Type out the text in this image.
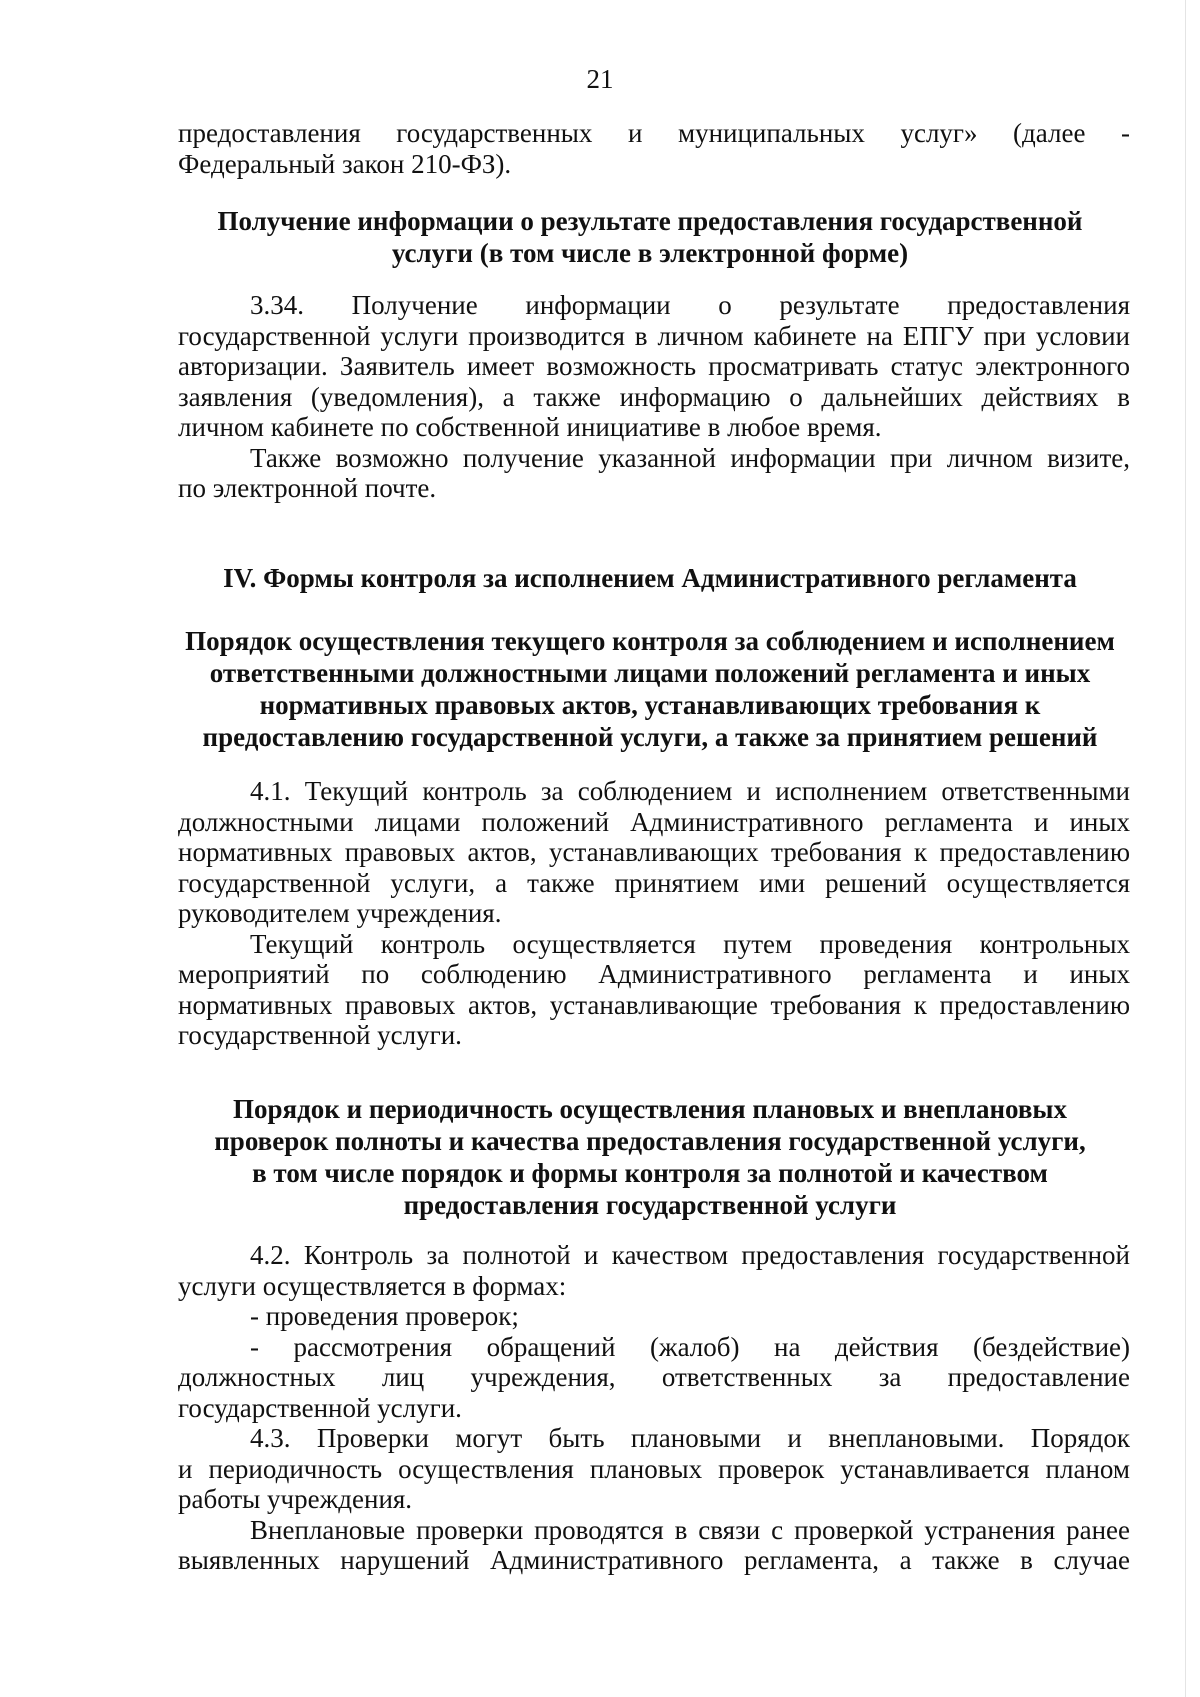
21
предоставления государственных и муниципальных услуг» (далее -
Федеральный закон 210-ФЗ).
Получение информации о результате предоставления государственной
услуги (в том числе в электронной форме)
3.34. Получение информации о результате предоставления
государственной услуги производится в личном кабинете на ЕПГУ при условии
авторизации. Заявитель имеет возможность просматривать статус электронного
заявления (уведомления), а также информацию о дальнейших действиях в
личном кабинете по собственной инициативе в любое время.
Также возможно получение указанной информации при личном визите,
по электронной почте.
IV. Формы контроля за исполнением Административного регламента
Порядок осуществления текущего контроля за соблюдением и исполнением
ответственными должностными лицами положений регламента и иных
нормативных правовых актов, устанавливающих требования к
предоставлению государственной услуги, а также за принятием решений
4.1. Текущий контроль за соблюдением и исполнением ответственными
должностными лицами положений Административного регламента и иных
нормативных правовых актов, устанавливающих требования к предоставлению
государственной услуги, а также принятием ими решений осуществляется
руководителем учреждения.
Текущий контроль осуществляется путем проведения контрольных
мероприятий по соблюдению Административного регламента и иных
нормативных правовых актов, устанавливающие требования к предоставлению
государственной услуги.
Порядок и периодичность осуществления плановых и внеплановых
проверок полноты и качества предоставления государственной услуги,
в том числе порядок и формы контроля за полнотой и качеством
предоставления государственной услуги
4.2. Контроль за полнотой и качеством предоставления государственной
услуги осуществляется в формах:
- проведения проверок;
- рассмотрения обращений (жалоб) на действия (бездействие)
должностных лиц учреждения, ответственных за предоставление
государственной услуги.
4.3. Проверки могут быть плановыми и внеплановыми. Порядок
и периодичность осуществления плановых проверок устанавливается планом
работы учреждения.
Внеплановые проверки проводятся в связи с проверкой устранения ранее
выявленных нарушений Административного регламента, а также в случае
